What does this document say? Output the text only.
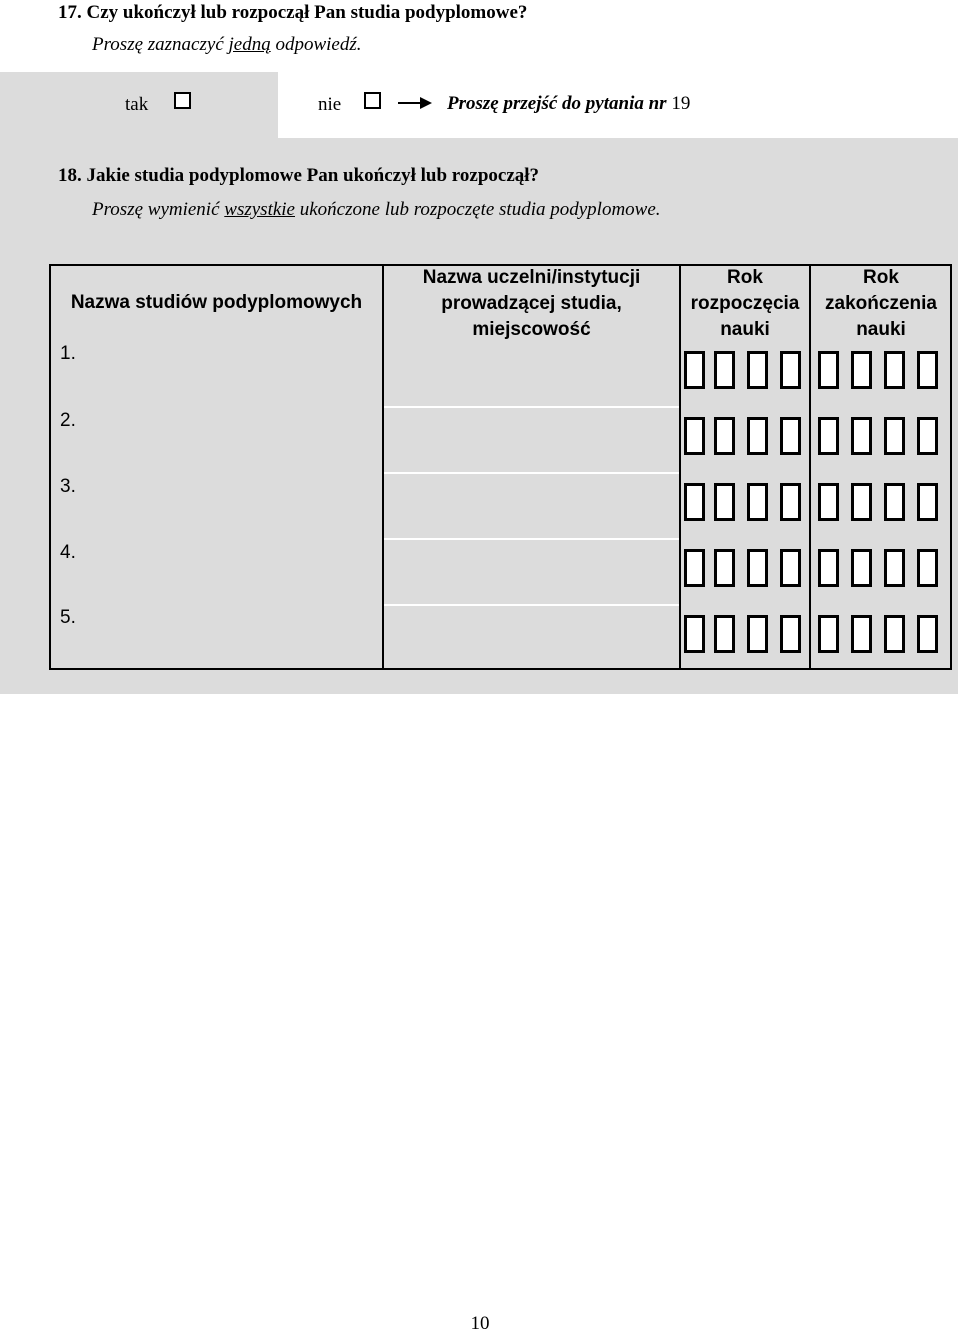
17. Czy ukończył lub rozpoczął Pan studia podyplomowe?
Proszę zaznaczyć jedną odpowiedź.
tak	nie	Proszę przejść do pytania nr 19
18. Jakie studia podyplomowe Pan ukończył lub rozpoczął?
Proszę wymienić wszystkie ukończone lub rozpoczęte studia podyplomowe.
Nazwa studiów podyplomowych
Nazwa uczelni/instytucji prowadzącej studia, miejscowość
Rok rozpoczęcia nauki
Rok zakończenia nauki
1.
2.
3.
4.
5.
10
